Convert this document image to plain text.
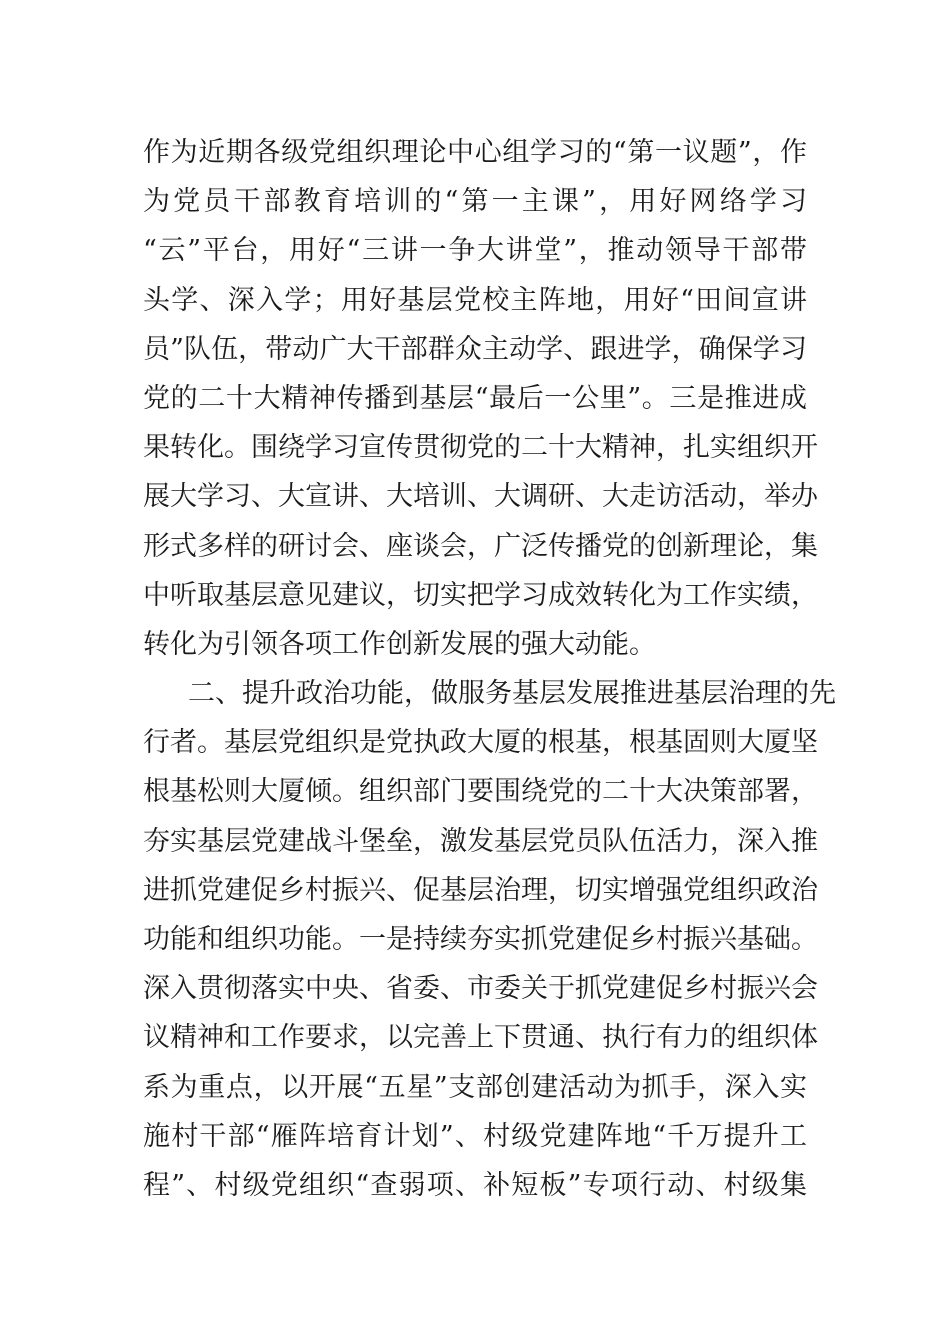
作为近期各级党组织理论中心组学习的“第一议题”，作
为党员干部教育培训的“第一主课”，用好网络学习
“云”平台，用好“三讲一争大讲堂”，推动领导干部带
头学、深入学；用好基层党校主阵地，用好“田间宣讲
员”队伍，带动广大干部群众主动学、跟进学，确保学习
党的二十大精神传播到基层“最后一公里”。三是推进成
果转化。围绕学习宣传贯彻党的二十大精神，扎实组织开
展大学习、大宣讲、大培训、大调研、大走访活动，举办
形式多样的研讨会、座谈会，广泛传播党的创新理论，集
中听取基层意见建议，切实把学习成效转化为工作实绩，
转化为引领各项工作创新发展的强大动能。
二、提升政治功能，做服务基层发展推进基层治理的先
行者。基层党组织是党执政大厦的根基，根基固则大厦坚
根基松则大厦倾。组织部门要围绕党的二十大决策部署，
夯实基层党建战斗堡垒，激发基层党员队伍活力，深入推
进抓党建促乡村振兴、促基层治理，切实增强党组织政治
功能和组织功能。一是持续夯实抓党建促乡村振兴基础。
深入贯彻落实中央、省委、市委关于抓党建促乡村振兴会
议精神和工作要求，以完善上下贯通、执行有力的组织体
系为重点，以开展“五星”支部创建活动为抓手，深入实
施村干部“雁阵培育计划”、村级党建阵地“千万提升工
程”、村级党组织“查弱项、补短板”专项行动、村级集
